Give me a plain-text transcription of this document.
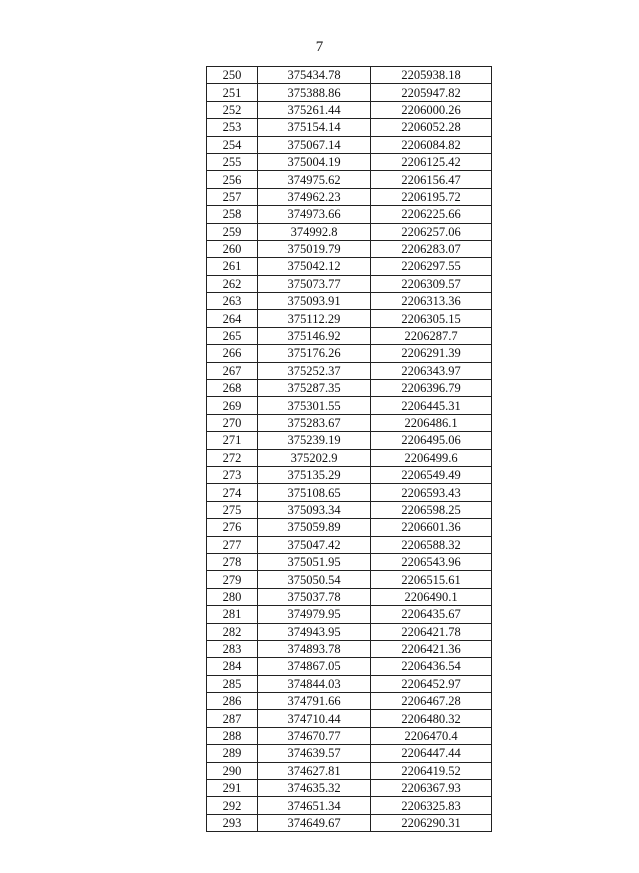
7
250	375434.78	2205938.18
251	375388.86	2205947.82
252	375261.44	2206000.26
253	375154.14	2206052.28
254	375067.14	2206084.82
255	375004.19	2206125.42
256	374975.62	2206156.47
257	374962.23	2206195.72
258	374973.66	2206225.66
259	374992.8	2206257.06
260	375019.79	2206283.07
261	375042.12	2206297.55
262	375073.77	2206309.57
263	375093.91	2206313.36
264	375112.29	2206305.15
265	375146.92	2206287.7
266	375176.26	2206291.39
267	375252.37	2206343.97
268	375287.35	2206396.79
269	375301.55	2206445.31
270	375283.67	2206486.1
271	375239.19	2206495.06
272	375202.9	2206499.6
273	375135.29	2206549.49
274	375108.65	2206593.43
275	375093.34	2206598.25
276	375059.89	2206601.36
277	375047.42	2206588.32
278	375051.95	2206543.96
279	375050.54	2206515.61
280	375037.78	2206490.1
281	374979.95	2206435.67
282	374943.95	2206421.78
283	374893.78	2206421.36
284	374867.05	2206436.54
285	374844.03	2206452.97
286	374791.66	2206467.28
287	374710.44	2206480.32
288	374670.77	2206470.4
289	374639.57	2206447.44
290	374627.81	2206419.52
291	374635.32	2206367.93
292	374651.34	2206325.83
293	374649.67	2206290.31
